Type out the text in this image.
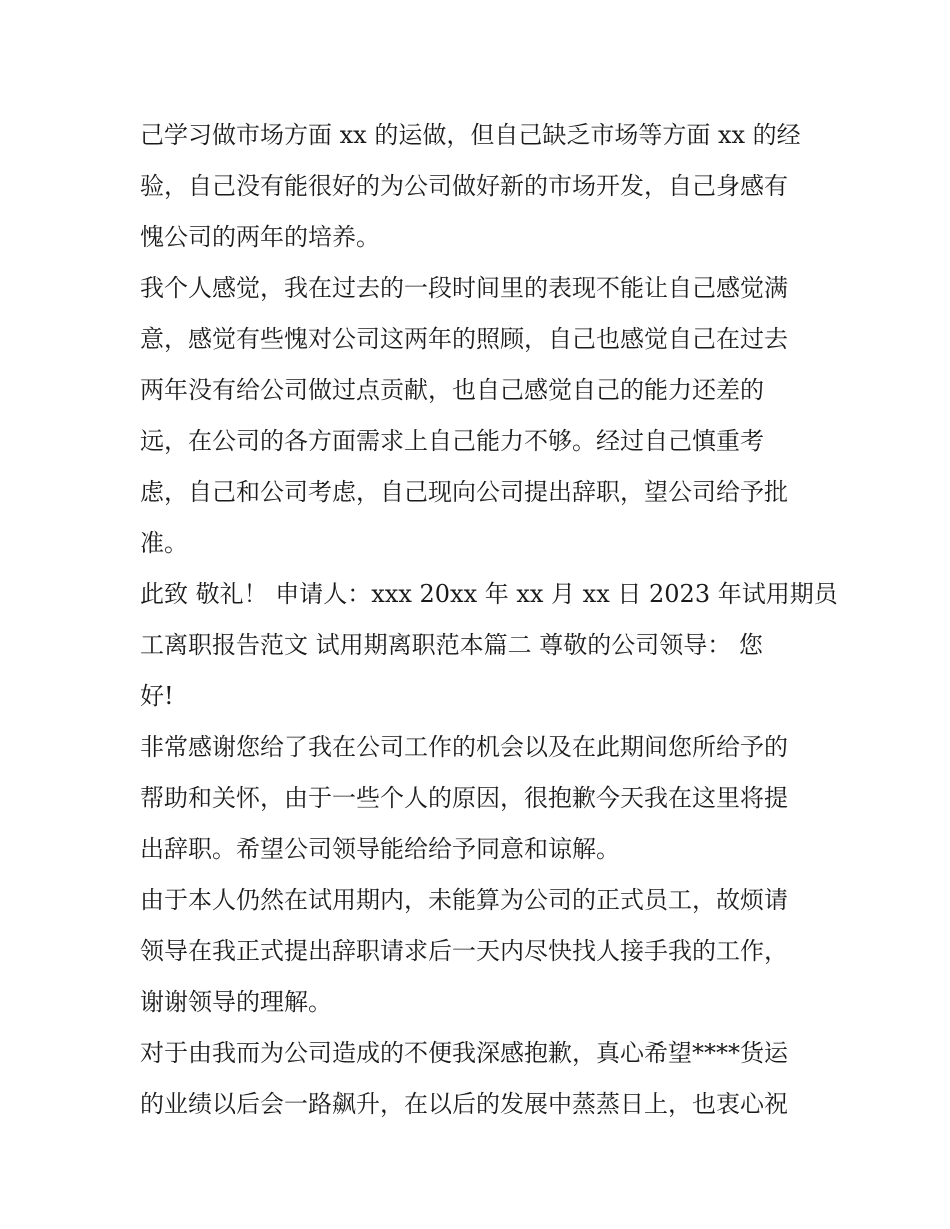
己学习做市场方面 xx 的运做，但自己缺乏市场等方面 xx 的经
验，自己没有能很好的为公司做好新的市场开发，自己身感有
愧公司的两年的培养。
我个人感觉，我在过去的一段时间里的表现不能让自己感觉满
意，感觉有些愧对公司这两年的照顾，自己也感觉自己在过去
两年没有给公司做过点贡献，也自己感觉自己的能力还差的
远，在公司的各方面需求上自己能力不够。经过自己慎重考
虑，自己和公司考虑，自己现向公司提出辞职，望公司给予批
准。
此致 敬礼！ 申请人：xxx 20xx 年 xx 月 xx 日 2023 年试用期员
工离职报告范文 试用期离职范本篇二 尊敬的公司领导： 您
好!
非常感谢您给了我在公司工作的机会以及在此期间您所给予的
帮助和关怀，由于一些个人的原因，很抱歉今天我在这里将提
出辞职。希望公司领导能给给予同意和谅解。
由于本人仍然在试用期内，未能算为公司的正式员工，故烦请
领导在我正式提出辞职请求后一天内尽快找人接手我的工作，
谢谢领导的理解。
对于由我而为公司造成的不便我深感抱歉，真心希望****货运
的业绩以后会一路飙升，在以后的发展中蒸蒸日上，也衷心祝
